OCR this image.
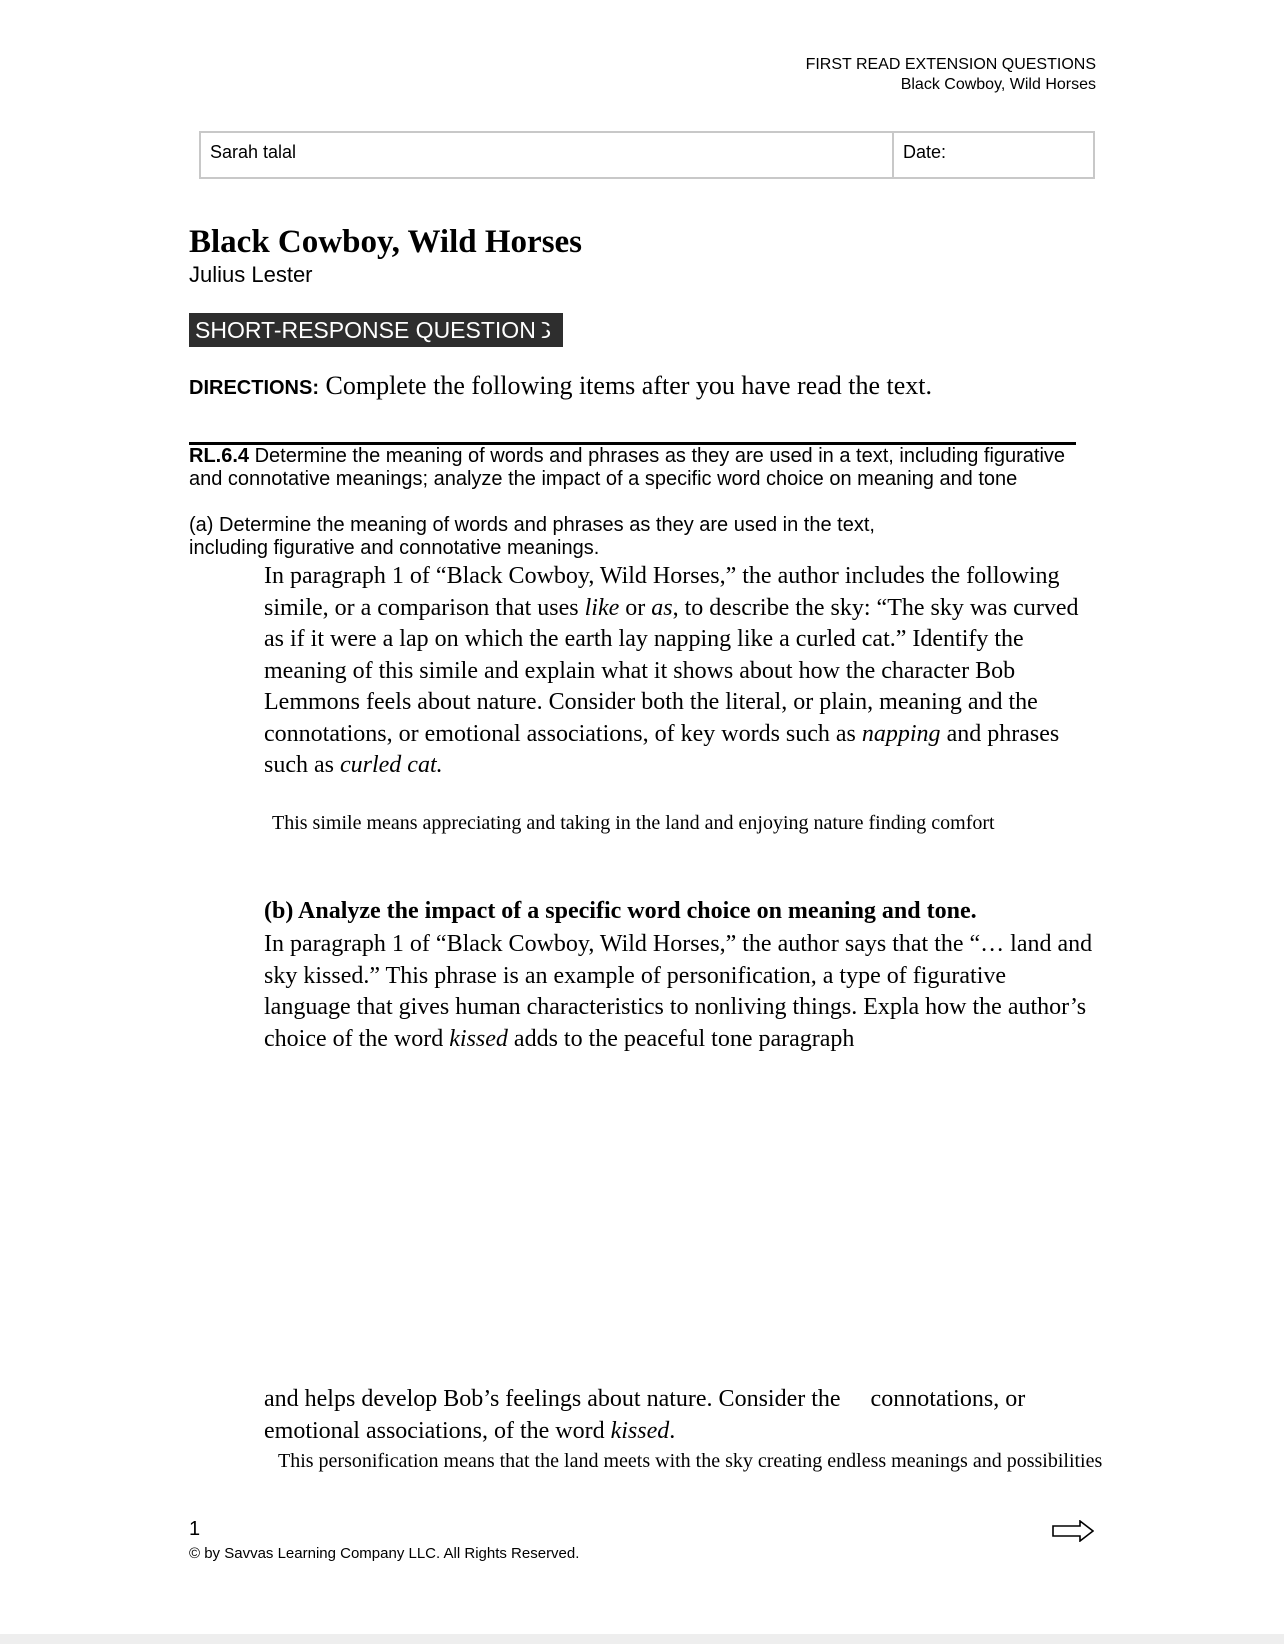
FIRST READ EXTENSION QUESTIONS
Black Cowboy, Wild Horses
Sarah talal	Date:
Black Cowboy, Wild Horses
Julius Lester
SHORT-RESPONSE QUESTIONS
DIRECTIONS: Complete the following items after you have read the text.
RL.6.4 Determine the meaning of words and phrases as they are used in a text, including figurative and connotative meanings; analyze the impact of a specific word choice on meaning and tone
(a) Determine the meaning of words and phrases as they are used in the text, including figurative and connotative meanings.
In paragraph 1 of “Black Cowboy, Wild Horses,” the author includes the following simile, or a comparison that uses like or as, to describe the sky: “The sky was curved as if it were a lap on which the earth lay napping like a curled cat.” Identify the meaning of this simile and explain what it shows about how the character Bob Lemmons feels about nature. Consider both the literal, or plain, meaning and the connotations, or emotional associations, of key words such as napping and phrases such as curled cat.
This simile means appreciating and taking in the land and enjoying nature finding comfort
(b) Analyze the impact of a specific word choice on meaning and tone.
In paragraph 1 of “Black Cowboy, Wild Horses,” the author says that the “… land and sky kissed.” This phrase is an example of personification, a type of figurative language that gives human characteristics to nonliving things. Expla how the author’s choice of the word kissed adds to the peaceful tone paragraph
and helps develop Bob’s feelings about nature. Consider the     connotations, or emotional associations, of the word kissed.
This personification means that the land meets with the sky creating endless meanings and possibilities
1
© by Savvas Learning Company LLC. All Rights Reserved.
